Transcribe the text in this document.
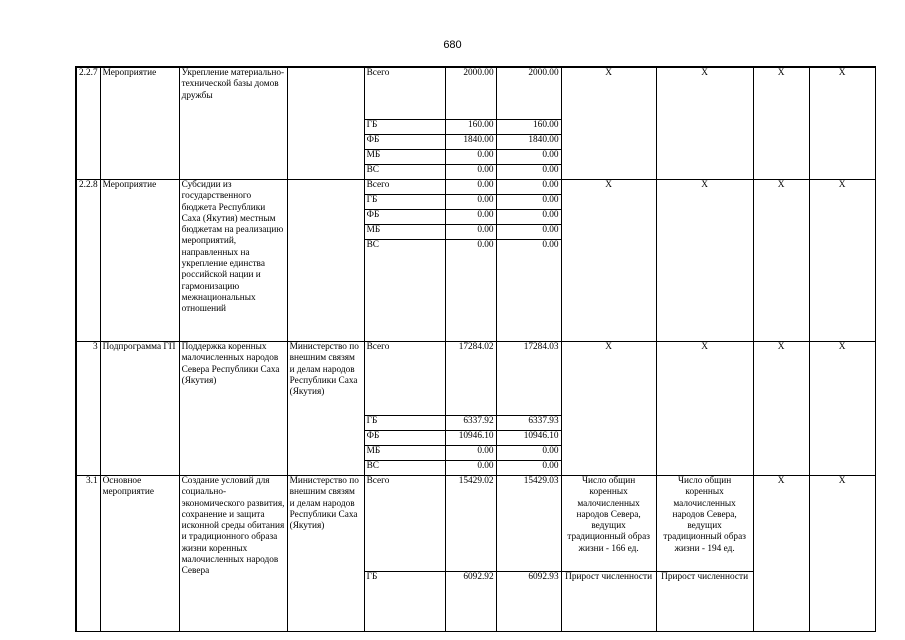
680
2.2.7	Мероприятие	Укрепление материально-технической базы домов дружбы		Всего	2000.00	2000.00	X	X	X	X
				ГБ	160.00	160.00				
				ФБ	1840.00	1840.00				
				МБ	0.00	0.00				
				ВС	0.00	0.00				
2.2.8	Мероприятие	Субсидии из государственного бюджета Республики Саха (Якутия) местным бюджетам на реализацию мероприятий, направленных на укрепление единства российской нации и гармонизацию межнациональных отношений		Всего	0.00	0.00	X	X	X	X
				ГБ	0.00	0.00				
				ФБ	0.00	0.00				
				МБ	0.00	0.00				
				ВС	0.00	0.00				
3	Подпрограмма ГП	Поддержка коренных малочисленных народов Севера Республики Саха (Якутия)	Министерство по внешним связям и делам народов Республики Саха (Якутия)	Всего	17284.02	17284.03	X	X	X	X
				ГБ	6337.92	6337.93				
				ФБ	10946.10	10946.10				
				МБ	0.00	0.00				
				ВС	0.00	0.00				
3.1	Основное мероприятие	Создание условий для социально-экономического развития, сохранение и защита исконной среды обитания и традиционного образа жизни коренных малочисленных народов Севера	Министерство по внешним связям и делам народов Республики Саха (Якутия)	Всего	15429.02	15429.03	Число общин коренных малочисленных народов Севера, ведущих традиционный образ жизни - 166 ед.	Число общин коренных малочисленных народов Севера, ведущих традиционный образ жизни - 194 ед.	X	X
				ГБ	6092.92	6092.93	Прирост численности	Прирост численности		
